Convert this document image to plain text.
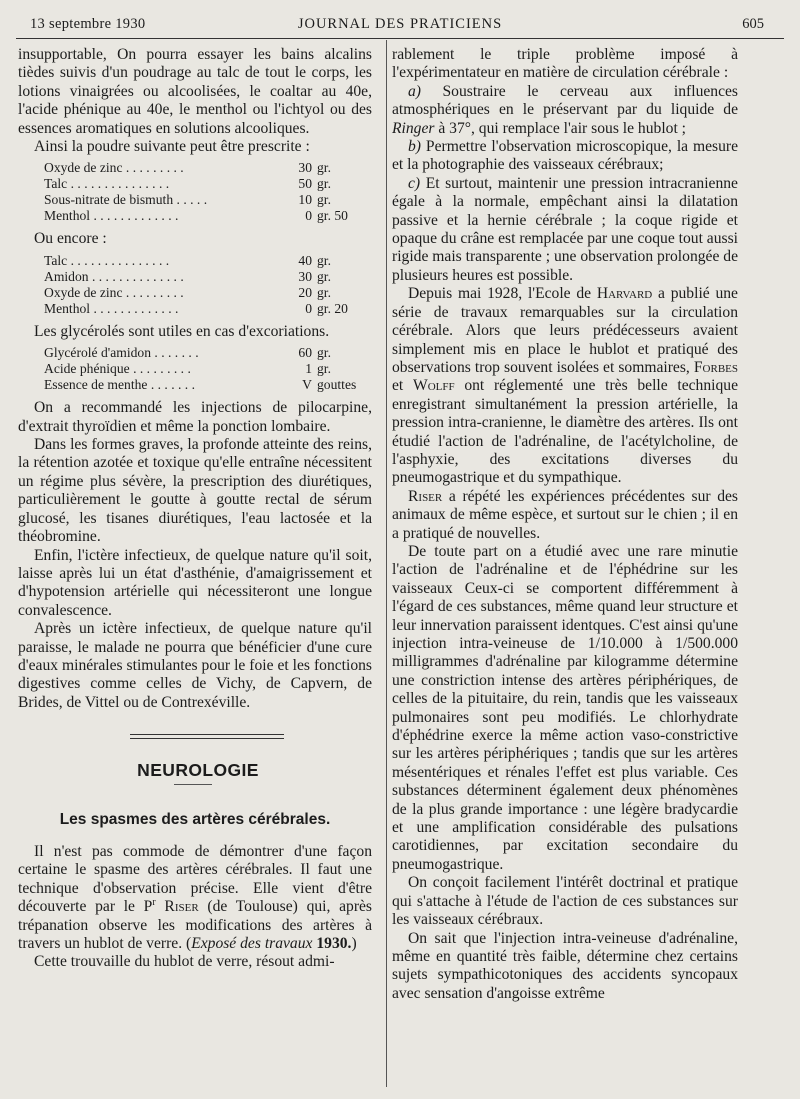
13 septembre 1930	JOURNAL DES PRATICIENS	605

insupportable, On pourra essayer les bains alcalins tièdes suivis d'un poudrage au talc de tout le corps, les lotions vinaigrées ou alcoolisées, le coaltar au 40e, l'acide phénique au 40e, le menthol ou l'ichtyol ou des essences aromatiques en solutions alcooliques.

Ainsi la poudre suivante peut être prescrite :

Oxyde de zinc . . . . . . . . .	30 gr.
Talc . . . . . . . . . . . . . . .	50 gr.
Sous-nitrate de bismuth . . . . .	10 gr.
Menthol . . . . . . . . . . . . .	0 gr. 50

Ou encore :

Talc . . . . . . . . . . . . . . .	40 gr.
Amidon . . . . . . . . . . . . . .	30 gr.
Oxyde de zinc . . . . . . . . .	20 gr.
Menthol . . . . . . . . . . . . .	0 gr. 20

Les glycérolés sont utiles en cas d'excoriations.

Glycérolé d'amidon . . . . . . .	60 gr.
Acide phénique . . . . . . . . .	1 gr.
Essence de menthe . . . . . . .	V gouttes

On a recommandé les injections de pilocarpine, d'extrait thyroïdien et même la ponction lombaire.

Dans les formes graves, la profonde atteinte des reins, la rétention azotée et toxique qu'elle entraîne nécessitent un régime plus sévère, la prescription des diurétiques, particulièrement le goutte à goutte rectal de sérum glucosé, les tisanes diurétiques, l'eau lactosée et la théobromine.

Enfin, l'ictère infectieux, de quelque nature qu'il soit, laisse après lui un état d'asthénie, d'amaigrissement et d'hypotension artérielle qui nécessiteront une longue convalescence.

Après un ictère infectieux, de quelque nature qu'il paraisse, le malade ne pourra que bénéficier d'une cure d'eaux minérales stimulantes pour le foie et les fonctions digestives comme celles de Vichy, de Capvern, de Brides, de Vittel ou de Contrexéville.

NEUROLOGIE
Les spasmes des artères cérébrales.

Il n'est pas commode de démontrer d'une façon certaine le spasme des artères cérébrales. Il faut une technique d'observation précise. Elle vient d'être découverte par le $P^r$ Riser (de Toulouse) qui, après trépanation observe les modifications des artères à travers un hublot de verre. (Exposé des travaux 1930.)

Cette trouvaille du hublot de verre, résout admi-

rablement le triple problème imposé à l'expérimentateur en matière de circulation cérébrale :

a) Soustraire le cerveau aux influences atmosphériques en le préservant par du liquide de Ringer à 37°, qui remplace l'air sous le hublot ;

b) Permettre l'observation microscopique, la mesure et la photographie des vaisseaux cérébraux;

c) Et surtout, maintenir une pression intracranienne égale à la normale, empêchant ainsi la dilatation passive et la hernie cérébrale ; la coque rigide et opaque du crâne est remplacée par une coque tout aussi rigide mais transparente ; une observation prolongée de plusieurs heures est possible.

Depuis mai 1928, l'Ecole de Harvard a publié une série de travaux remarquables sur la circulation cérébrale. Alors que leurs prédécesseurs avaient simplement mis en place le hublot et pratiqué des observations trop souvent isolées et sommaires, Forbes et Wolff ont réglementé une très belle technique enregistrant simultanément la pression artérielle, la pression intra-cranienne, le diamètre des artères. Ils ont étudié l'action de l'adrénaline, de l'acétylcholine, de l'asphyxie, des excitations diverses du pneumogastrique et du sympathique.

Riser a répété les expériences précédentes sur des animaux de même espèce, et surtout sur le chien ; il en a pratiqué de nouvelles.

De toute part on a étudié avec une rare minutie l'action de l'adrénaline et de l'éphédrine sur les vaisseaux Ceux-ci se comportent différemment à l'égard de ces substances, même quand leur structure et leur innervation paraissent identques. C'est ainsi qu'une injection intra-veineuse de 1/10.000 à 1/500.000 milligrammes d'adrénaline par kilogramme détermine une constriction intense des artères périphériques, de celles de la pituitaire, du rein, tandis que les vaisseaux pulmonaires sont peu modifiés. Le chlorhydrate d'éphédrine exerce la même action vaso-constrictive sur les artères périphériques ; tandis que sur les artères mésentériques et rénales l'effet est plus variable. Ces substances déterminent également deux phénomènes de la plus grande importance : une légère bradycardie et une amplification considérable des pulsations carotidiennes, par excitation secondaire du pneumogastrique.

On conçoit facilement l'intérêt doctrinal et pratique qui s'attache à l'étude de l'action de ces substances sur les vaisseaux cérébraux.

On sait que l'injection intra-veineuse d'adrénaline, même en quantité très faible, détermine chez certains sujets sympathicotoniques des accidents syncopaux avec sensation d'angoisse extrême
